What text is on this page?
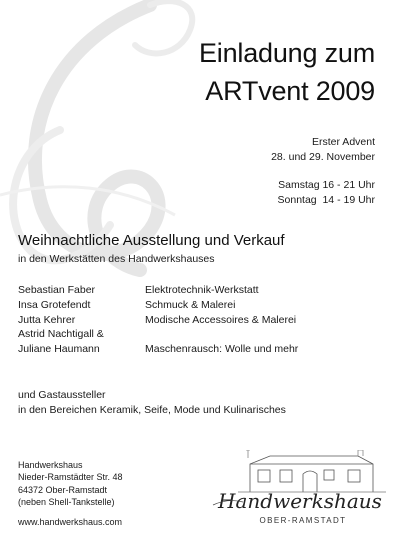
Einladung zum
ARTvent 2009
Erster Advent
28. und 29. November
Samstag 16 - 21 Uhr
Sonntag  14 - 19 Uhr
Weihnachtliche Ausstellung und Verkauf
in den Werkstätten des Handwerkshauses
Sebastian Faber	Elektrotechnik-Werkstatt
Insa Grotefendt	Schmuck & Malerei
Jutta Kehrer	Modische Accessoires & Malerei
Astrid Nachtigall &
Juliane Haumann	Maschenrausch: Wolle und mehr
und Gastaussteller
in den Bereichen Keramik, Seife, Mode und Kulinarisches
Handwerkshaus
Nieder-Ramstädter Str. 48
64372 Ober-Ramstadt
(neben Shell-Tankstelle)
www.handwerkshaus.com
Handwerkshaus
OBER-RAMSTADT
